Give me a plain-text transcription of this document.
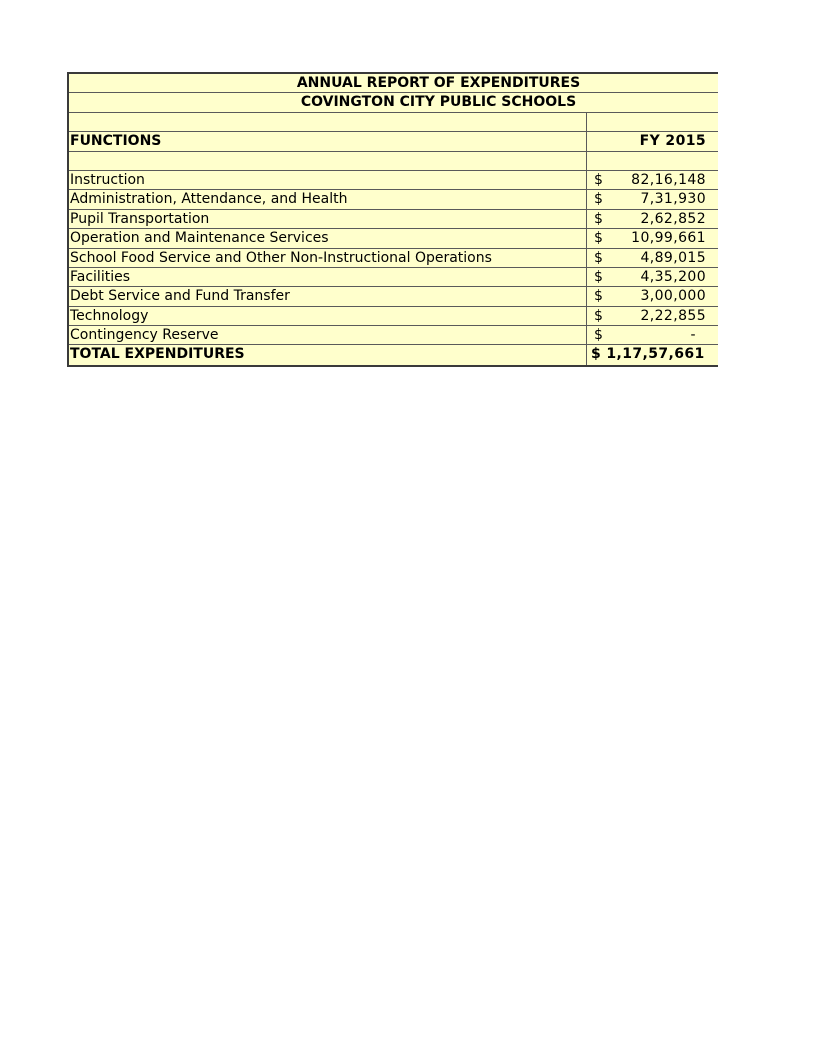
ANNUAL REPORT OF EXPENDITURES
COVINGTON CITY PUBLIC SCHOOLS
FUNCTIONS	FY 2015
Instruction	$ 82,16,148
Administration, Attendance, and Health	$	7,31,930
Pupil Transportation	$	2,62,852
Operation and Maintenance Services	$ 10,99,661
School Food Service and Other Non-Instructional Operations	$	4,89,015
Facilities	$	4,35,200
Debt Service and Fund Transfer	$	3,00,000
Technology	$	2,22,855
Contingency Reserve	$	-
TOTAL EXPENDITURES	$ 1,17,57,661
